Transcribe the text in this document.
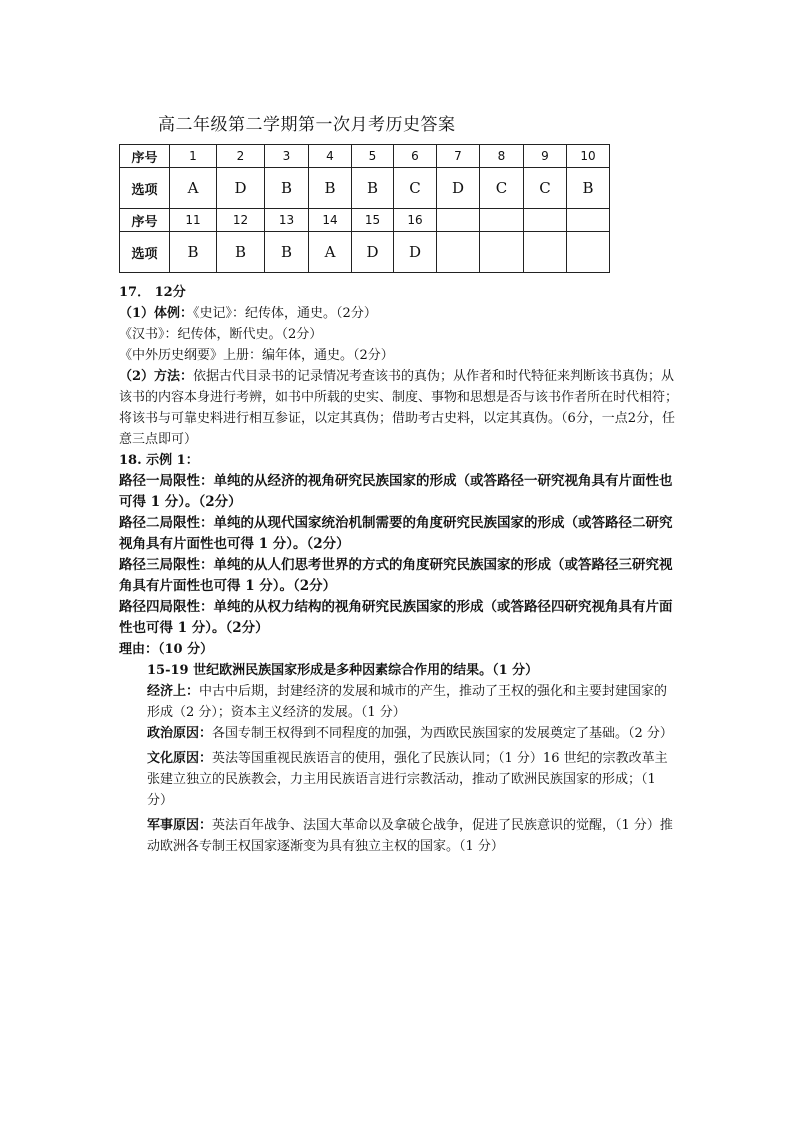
高二年级第二学期第一次月考历史答案
序号	1	2	3	4	5	6	7	8	9	10
选项	A	D	B	B	B	C	D	C	C	B
序号	11	12	13	14	15	16				
选项	B	B	B	A	D	D				

17． 12分

（1）体例：《史记》：纪传体，通史。（2分）

《汉书》：纪传体，断代史。（2分）

《中外历史纲要》上册：编年体，通史。（2分）

（2）方法：依据古代目录书的记录情况考查该书的真伪；从作者和时代特征来判断该书真伪；从该书的内容本身进行考辨，如书中所载的史实、制度、事物和思想是否与该书作者所在时代相符；将该书与可靠史料进行相互参证，以定其真伪；借助考古史料，以定其真伪。（6分，一点2分，任意三点即可）

18. 示例 1：

路径一局限性：单纯的从经济的视角研究民族国家的形成（或答路径一研究视角具有片面性也可得 1 分）。（2分）

路径二局限性：单纯的从现代国家统治机制需要的角度研究民族国家的形成（或答路径二研究视角具有片面性也可得 1 分）。（2分）

路径三局限性：单纯的从人们思考世界的方式的角度研究民族国家的形成（或答路径三研究视角具有片面性也可得 1 分）。（2分）

路径四局限性：单纯的从权力结构的视角研究民族国家的形成（或答路径四研究视角具有片面性也可得 1 分）。（2分）

理由：（10 分）

15-19 世纪欧洲民族国家形成是多种因素综合作用的结果。（1 分）

经济上：中古中后期，封建经济的发展和城市的产生，推动了王权的强化和主要封建国家的形成（2 分）；资本主义经济的发展。（1 分）

政治原因：各国专制王权得到不同程度的加强，为西欧民族国家的发展奠定了基础。（2 分）

文化原因：英法等国重视民族语言的使用，强化了民族认同；（1 分）16 世纪的宗教改革主张建立独立的民族教会，力主用民族语言进行宗教活动，推动了欧洲民族国家的形成；（1 分）

军事原因：英法百年战争、法国大革命以及拿破仑战争，促进了民族意识的觉醒，（1 分）推动欧洲各专制王权国家逐渐变为具有独立主权的国家。（1 分）
